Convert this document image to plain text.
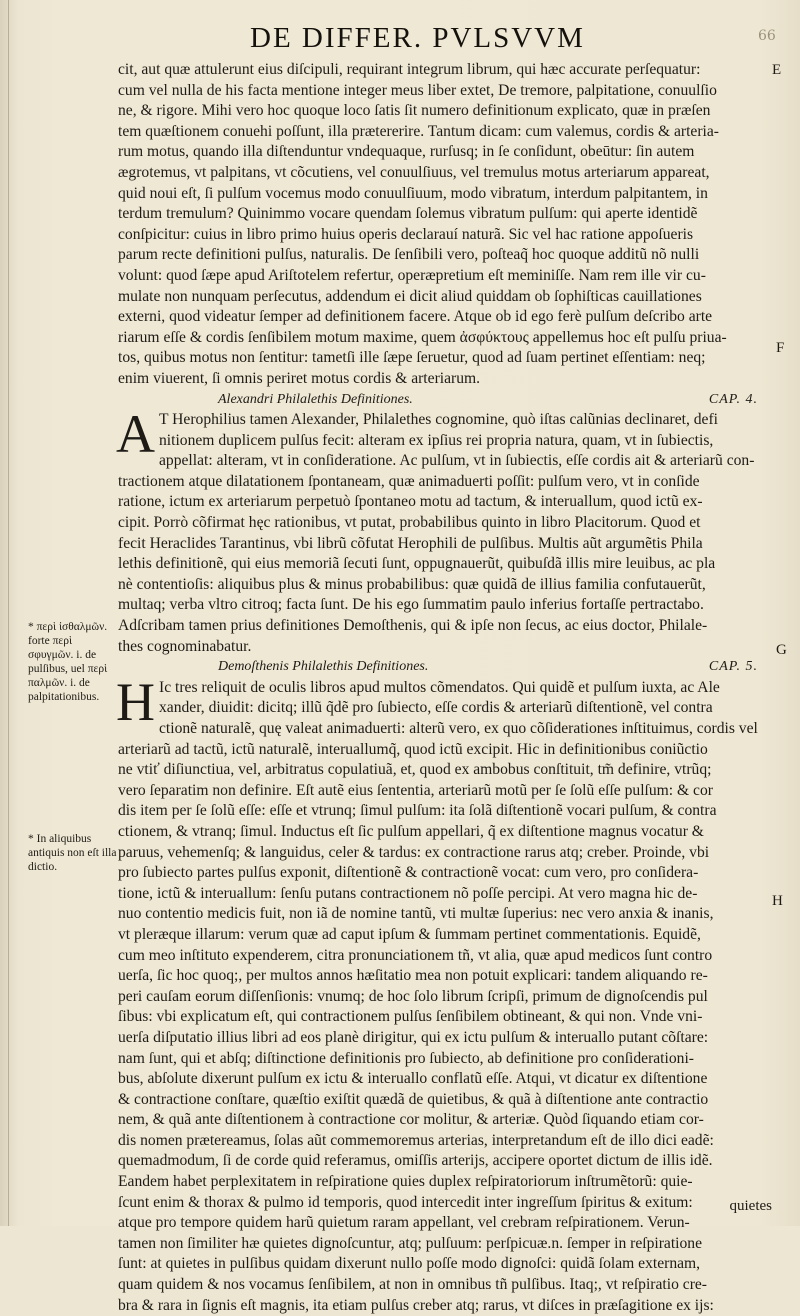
DE DIFFER. PVLSVVM	66
cit, aut quæ attulerunt eius diſcipuli, requirant integrum librum, qui hæc accurate perſequatur:
cum vel nulla de his facta mentione integer meus liber extet, De tremore, palpitatione, conuulſio
ne, & rigore. Mihi vero hoc quoque loco ſatis ſit numero definitionum explicato, quæ in præſen
tem quæſtionem conuehi poſſunt, illa prætererire. Tantum dicam: cum valemus, cordis & arteria-
rum motus, quando illa diſtenduntur vndequaque, rurſusq; in ſe conſidunt, obeūtur: ſin autem
ægrotemus, vt palpitans, vt cõcutiens, vel conuulſiuus, vel tremulus motus arteriarum appareat,
quid noui eſt, ſi pulſum vocemus modo conuulſiuum, modo vibratum, interdum palpitantem, in
terdum tremulum? Quinimmo vocare quendam ſolemus vibratum pulſum: qui aperte identidẽ
conſpicitur: cuius in libro primo huius operis declarauí naturã. Sic vel hac ratione appoſueris
parum recte definitioni pulſus, naturalis. De ſenſibili vero, poſteaq̃ hoc quoque additũ nõ nulli
volunt: quod ſæpe apud Ariſtotelem refertur, operæpretium eſt meminiſſe. Nam rem ille vir cu-
mulate non nunquam perſecutus, addendum ei dicit aliud quiddam ob ſophiſticas cauillationes
externi, quod videatur ſemper ad definitionem facere. Atque ob id ego ferè pulſum deſcribo arte
riarum eſſe & cordis ſenſibilem motum maxime, quem ἀσφύκτους appellemus hoc eſt pulſu priua-
tos, quibus motus non ſentitur: tametſi ille ſæpe ſeruetur, quod ad ſuam pertinet eſſentiam: neq;
enim viuerent, ſi omnis periret motus cordis & arteriarum.
Alexandri Philalethis Definitiones.	CAP. 4.
A T Herophilius tamen Alexander, Philalethes cognomine, quò iſtas calũnias declinaret, defi
nitionem duplicem pulſus fecit: alteram ex ipſius rei propria natura, quam, vt in ſubiectis,
appellat: alteram, vt in conſideratione. Ac pulſum, vt in ſubiectis, eſſe cordis ait & arteriarũ con-
tractionem atque dilatationem ſpontaneam, quæ animaduerti poſſit: pulſum vero, vt in conſide
ratione, ictum ex arteriarum perpetuò ſpontaneo motu ad tactum, & interuallum, quod ictũ ex-
cipit. Porrò cõfirmat hęc rationibus, vt putat, probabilibus quinto in libro Placitorum. Quod et
fecit Heraclides Tarantinus, vbi librũ cõfutat Herophili de pulſibus. Multis aũt argumẽtis Phila
lethis definitionẽ, qui eius memoriã ſecuti ſunt, oppugnauerũt, quibuſdã illis mire leuibus, ac pla
nè contentioſis: aliquibus plus & minus probabilibus: quæ quidã de illius familia confutauerũt,
multaq; verba vltro citroq; facta ſunt. De his ego ſummatim paulo inferius fortaſſe pertractabo.
Adſcribam tamen prius definitiones Demoſthenis, qui & ipſe non ſecus, ac eius doctor, Philale-
thes cognominabatur.
Demoſthenis Philalethis Definitiones.	CAP. 5.
H Ic tres reliquit de oculis libros apud multos cõmendatos. Qui quidẽ et pulſum iuxta, ac Ale
xander, diuidit: dicitq; illũ q̃dẽ pro ſubiecto, eſſe cordis & arteriarũ diſtentionẽ, vel contra
ctionẽ naturalẽ, quę valeat animaduerti: alterũ vero, ex quo cõſiderationes inſtituimus, cordis vel
arteriarũ ad tactũ, ictũ naturalẽ, interuallumq̃, quod ictũ excipit. Hic in definitionibus coniũctio
ne vtiť diſiunctiua, vel, arbitratus copulatiuã, et, quod ex ambobus conſtituit, tm̃ definire, vtrũq;
vero ſeparatim non definire. Eſt autẽ eius ſententia, arteriarũ motũ per ſe ſolũ eſſe pulſum: & cor
dis item per ſe ſolũ eſſe: eſſe et vtrunq; ſimul pulſum: ita ſolã diſtentionẽ vocari pulſum, & contra
ctionem, & vtranq; ſimul. Inductus eſt ſic pulſum appellari, q̃ ex diſtentione magnus vocatur &
paruus, vehemenſq; & languidus, celer & tardus: ex contractione rarus atq; creber. Proinde, vbi
pro ſubiecto partes pulſus exponit, diſtentionẽ & contractionẽ vocat: cum vero, pro conſidera-
tione, ictũ & interuallum: ſenſu putans contractionem nõ poſſe percipi. At vero magna hic de-
nuo contentio medicis fuit, non iã de nomine tantũ, vti multæ ſuperius: nec vero anxia & inanis,
vt pleræque illarum: verum quæ ad caput ipſum & ſummam pertinet commentationis. Equidẽ,
cum meo inſtituto expenderem, citra pronunciationem tñ, vt alia, quæ apud medicos ſunt contro
uerſa, ſic hoc quoq;, per multos annos hæſitatio mea non potuit explicari: tandem aliquando re-
peri cauſam eorum diſſenſionis: vnumq; de hoc ſolo librum ſcripſi, primum de dignoſcendis pul
ſibus: vbi explicatum eſt, qui contractionem pulſus ſenſibilem obtineant, & qui non. Vnde vni-
uerſa diſputatio illius libri ad eos planè dirigitur, qui ex ictu pulſum & interuallo putant cõſtare:
nam ſunt, qui et abſq; diſtinctione definitionis pro ſubiecto, ab definitione pro conſiderationi-
bus, abſolute dixerunt pulſum ex ictu & interuallo conflatũ eſſe. Atqui, vt dicatur ex diſtentione
& contractione conſtare, quæſtio exiſtit quædã de quietibus, & quã à diſtentione ante contractio
nem, & quã ante diſtentionem à contractione cor molitur, & arteriæ. Quòd ſiquando etiam cor-
dis nomen prætereamus, ſolas aũt commemoremus arterias, interpretandum eſt de illo dici eadẽ:
quemadmodum, ſi de corde quid referamus, omiſſis arterijs, accipere oportet dictum de illis idẽ.
Eandem habet perplexitatem in reſpiratione quies duplex reſpiratoriorum inſtrumẽtorũ: quie-
ſcunt enim & thorax & pulmo id temporis, quod intercedit inter ingreſſum ſpiritus & exitum:
atque pro tempore quidem harũ quietum raram appellant, vel crebram reſpirationem. Verun-
tamen non ſimiliter hæ quietes dignoſcuntur, atq; pulſuum: perſpicuæ.n. ſemper in reſpiratione
ſunt: at quietes in pulſibus quidam dixerunt nullo poſſe modo dignoſci: quidã ſolam externam,
quam quidem & nos vocamus ſenſibilem, at non in omnibus tñ pulſibus. Itaq;, vt reſpiratio cre-
bra & rara in ſignis eſt magnis, ita etiam pulſus creber atq; rarus, vt diſces in præſagitione ex ijs:
E
F
G
H
* περὶ ἰσθαλμῶν. forte περὶ σφυγμῶν. i. de pulſibus, uel περὶ παλμῶν. i. de palpitationibus.
* In aliquibus antiquis non eſt illa dictio.
quietes
